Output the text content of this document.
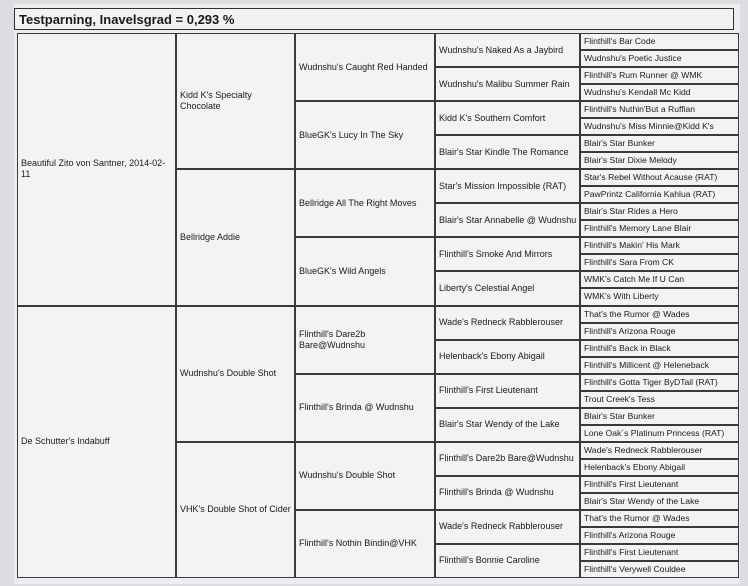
Testparning, Inavelsgrad = 0,293 %
Beautiful Zito von Santner, 2014-02-11
De Schutter's Indabuff
Kidd K's Specialty Chocolate
Bellridge Addie
Wudnshu's Double Shot
VHK's Double Shot of Cider
Wudnshu's Caught Red Handed
BlueGK's Lucy In The Sky
Bellridge All The Right Moves
BlueGK's Wild Angels
Flinthill's Dare2b Bare@Wudnshu
Flinthill's Brinda @ Wudnshu
Wudnshu's Double Shot
Flinthill's Nothin Bindin@VHK
Wudnshu's Naked As a Jaybird
Wudnshu's Malibu Summer Rain
Kidd K's Southern Comfort
Blair's Star Kindle The Romance
Star's Mission Impossible (RAT)
Blair's Star Annabelle @ Wudnshu
Flinthill's Smoke And Mirrors
Liberty's Celestial Angel
Wade's Redneck Rabblerouser
Helenback's Ebony Abigail
Flinthill's First Lieutenant
Blair's Star Wendy of the Lake
Flinthill's Dare2b Bare@Wudnshu
Flinthill's Brinda @ Wudnshu
Wade's Redneck Rabblerouser
Flinthill's Bonnie Caroline
Flinthill's Bar Code
Wudnshu's Poetic Justice
Flinthill's Rum Runner @ WMK
Wudnshu's Kendall Mc Kidd
Flinthill's Nuthin'But a Ruffian
Wudnshu's Miss Minnie@Kidd K's
Blair's Star Bunker
Blair's Star Dixie Melody
Star's Rebel Without Acause (RAT)
PawPrintz California Kahlua (RAT)
Blair's Star Rides a Hero
Flinthill's Memory Lane Blair
Flinthill's Makin' His Mark
Flinthill's Sara From CK
WMK's Catch Me If U Can
WMK's With Liberty
That's the Rumor @ Wades
Flinthill's Arizona Rouge
Flinthill's Back in Black
Flinthill's Millicent @ Heleneback
Flinthill's Gotta Tiger ByDTail (RAT)
Trout Creek's Tess
Blair's Star Bunker
Lone Oak´s Platinum Princess (RAT)
Wade's Redneck Rabblerouser
Helenback's Ebony Abigail
Flinthill's First Lieutenant
Blair's Star Wendy of the Lake
That's the Rumor @ Wades
Flinthill's Arizona Rouge
Flinthill's First Lieutenant
Flinthill's Verywell Couldee
